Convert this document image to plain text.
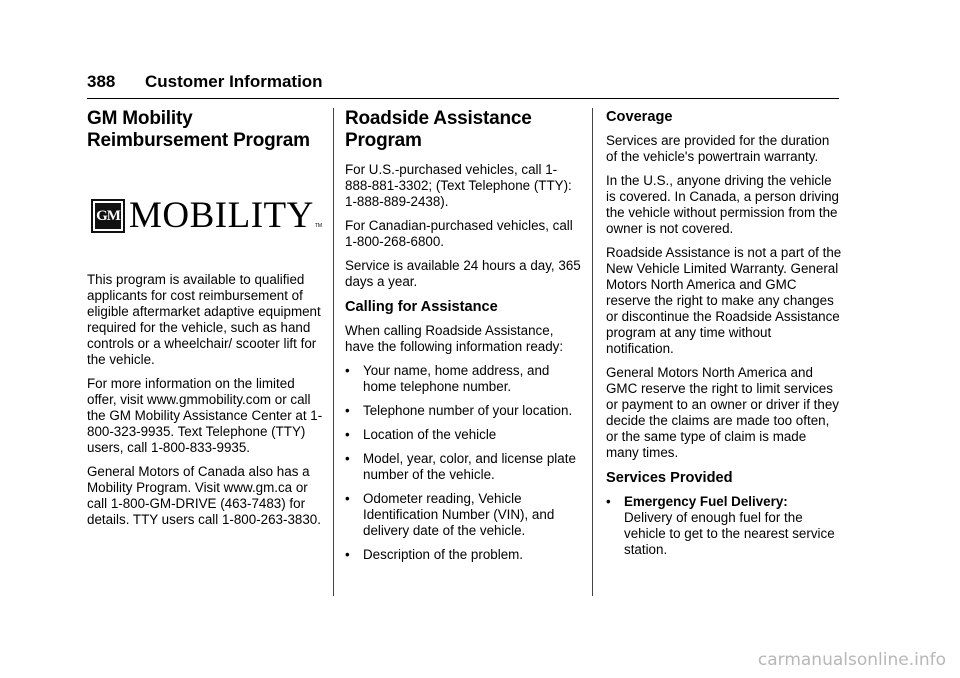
388 Customer Information
GM Mobility
Reimbursement Program
GM MOBILITY TM

This program is available to qualified applicants for cost reimbursement of eligible aftermarket adaptive equipment required for the vehicle, such as hand controls or a wheelchair/ scooter lift for the vehicle.

For more information on the limited offer, visit www.gmmobility.com or call the GM Mobility Assistance Center at 1-800-323-9935. Text Telephone (TTY) users, call 1-800-833-9935.

General Motors of Canada also has a Mobility Program. Visit www.gm.ca or call 1-800-GM-DRIVE (463-7483) for details. TTY users call 1-800-263-3830.

Roadside Assistance
Program

For U.S.-purchased vehicles, call 1-888-881-3302; (Text Telephone (TTY): 1-888-889-2438).

For Canadian-purchased vehicles, call 1-800-268-6800.

Service is available 24 hours a day, 365 days a year.

Calling for Assistance

When calling Roadside Assistance, have the following information ready:

• Your name, home address, and home telephone number.
• Telephone number of your location.
• Location of the vehicle
• Model, year, color, and license plate number of the vehicle.
• Odometer reading, Vehicle Identification Number (VIN), and delivery date of the vehicle.
• Description of the problem.
Coverage

Services are provided for the duration of the vehicle's powertrain warranty.

In the U.S., anyone driving the vehicle is covered. In Canada, a person driving the vehicle without permission from the owner is not covered.

Roadside Assistance is not a part of the New Vehicle Limited Warranty. General Motors North America and GMC reserve the right to make any changes or discontinue the Roadside Assistance program at any time without notification.

General Motors North America and GMC reserve the right to limit services or payment to an owner or driver if they decide the claims are made too often, or the same type of claim is made many times.

Services Provided
• Emergency Fuel Delivery:
Delivery of enough fuel for the vehicle to get to the nearest service station.
carmanualsonline.info
